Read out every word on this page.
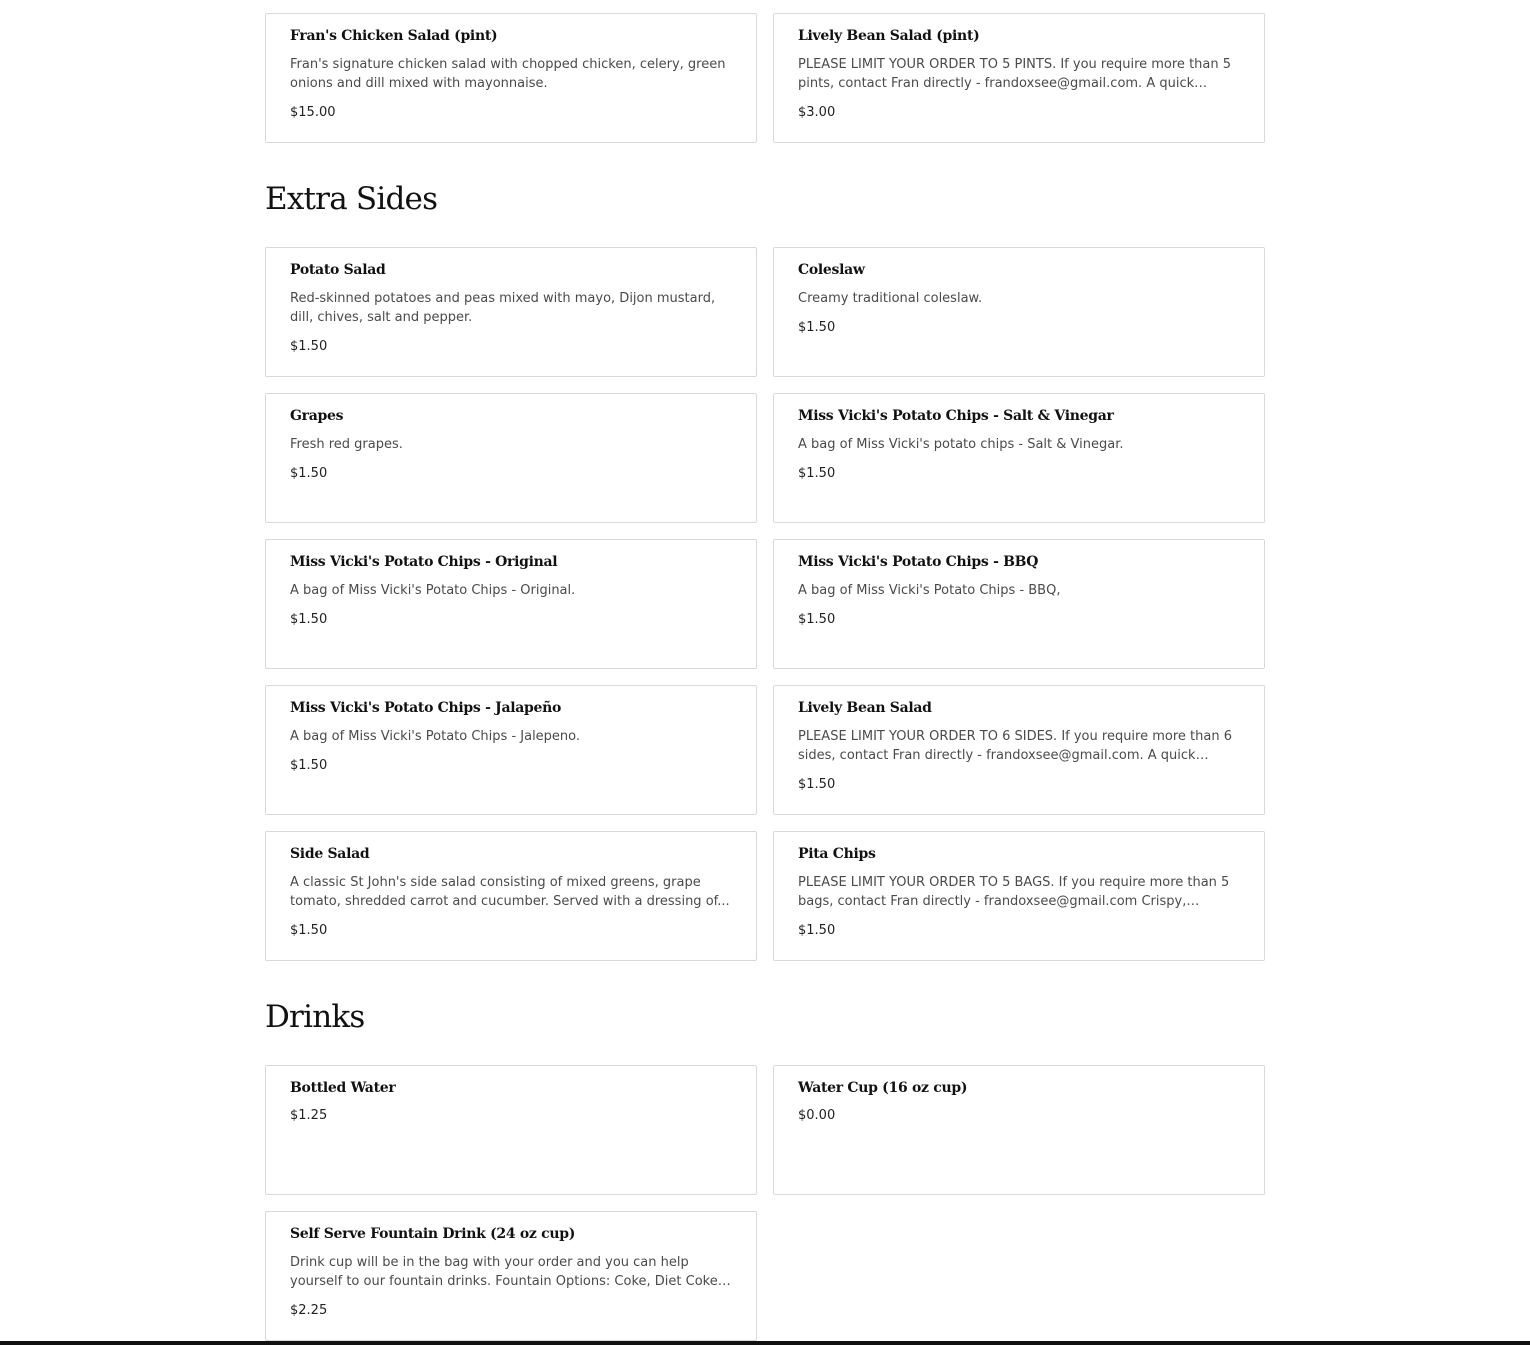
Fran's Chicken Salad (pint)
Fran's signature chicken salad with chopped chicken, celery, green onions and dill mixed with mayonnaise.
$15.00
Lively Bean Salad (pint)
PLEASE LIMIT YOUR ORDER TO 5 PINTS. If you require more than 5 pints, contact Fran directly - frandoxsee@gmail.com. A quick
$3.00
Extra Sides
Potato Salad
Red-skinned potatoes and peas mixed with mayo, Dijon mustard, dill, chives, salt and pepper.
$1.50
Coleslaw
Creamy traditional coleslaw.
$1.50
Grapes
Fresh red grapes.
$1.50
Miss Vicki's Potato Chips - Salt & Vinegar
A bag of Miss Vicki's potato chips - Salt & Vinegar.
$1.50
Miss Vicki's Potato Chips - Original
A bag of Miss Vicki's Potato Chips - Original.
$1.50
Miss Vicki's Potato Chips - BBQ
A bag of Miss Vicki's Potato Chips - BBQ,
$1.50
Miss Vicki's Potato Chips - Jalapeño
A bag of Miss Vicki's Potato Chips - Jalepeno.
$1.50
Lively Bean Salad
PLEASE LIMIT YOUR ORDER TO 6 SIDES. If you require more than 6 sides, contact Fran directly - frandoxsee@gmail.com. A quick
$1.50
Side Salad
A classic St John's side salad consisting of mixed greens, grape tomato, shredded carrot and cucumber. Served with a dressing of...
$1.50
Pita Chips
PLEASE LIMIT YOUR ORDER TO 5 BAGS. If you require more than 5 bags, contact Fran directly - frandoxsee@gmail.com Crispy,
$1.50
Drinks
Bottled Water
$1.25
Water Cup (16 oz cup)
$0.00
Self Serve Fountain Drink (24 oz cup)
Drink cup will be in the bag with your order and you can help yourself to our fountain drinks. Fountain Options: Coke, Diet Coke,
$2.25
